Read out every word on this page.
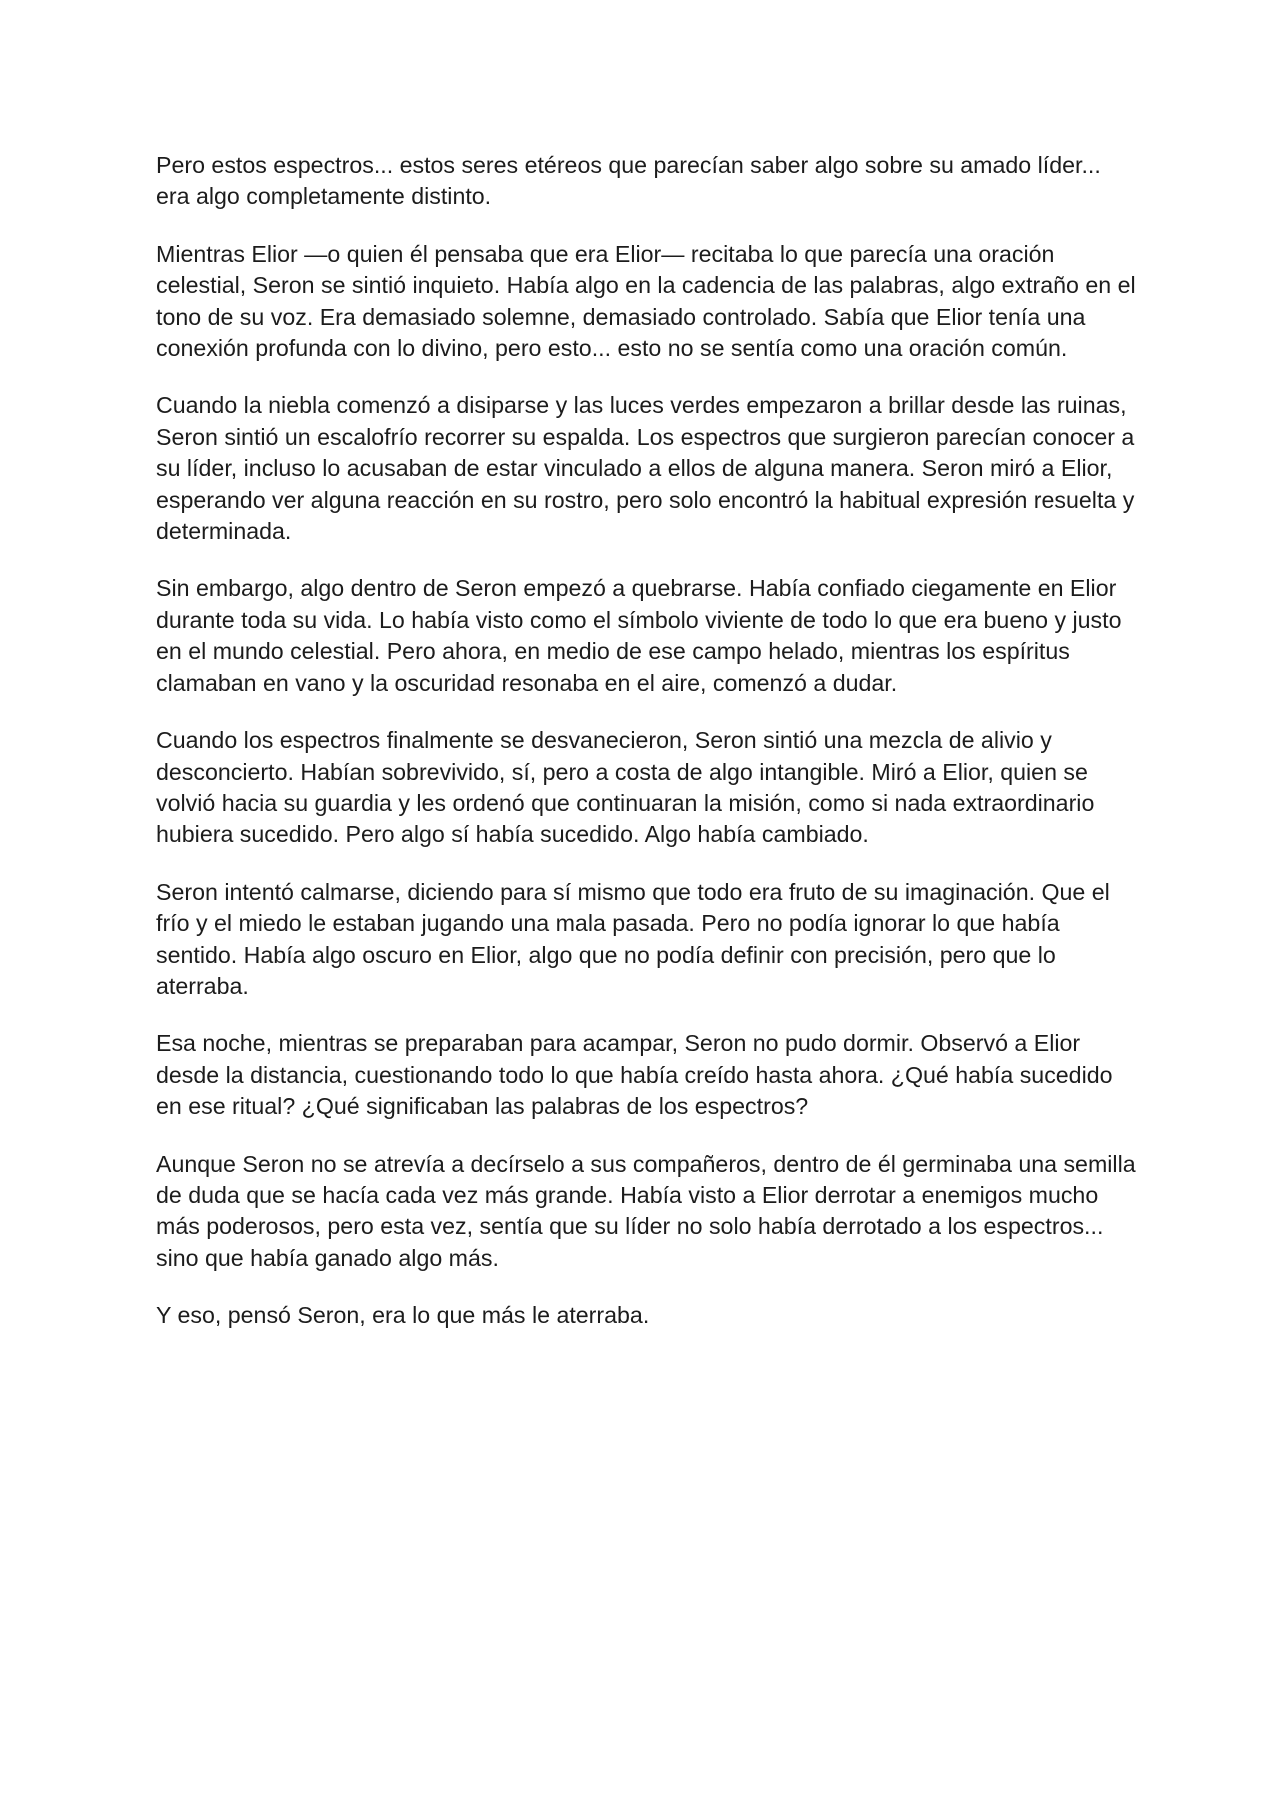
Pero estos espectros... estos seres etéreos que parecían saber algo sobre su amado líder... era algo completamente distinto.

Mientras Elior —o quien él pensaba que era Elior— recitaba lo que parecía una oración celestial, Seron se sintió inquieto. Había algo en la cadencia de las palabras, algo extraño en el tono de su voz. Era demasiado solemne, demasiado controlado. Sabía que Elior tenía una conexión profunda con lo divino, pero esto... esto no se sentía como una oración común.

Cuando la niebla comenzó a disiparse y las luces verdes empezaron a brillar desde las ruinas, Seron sintió un escalofrío recorrer su espalda. Los espectros que surgieron parecían conocer a su líder, incluso lo acusaban de estar vinculado a ellos de alguna manera. Seron miró a Elior, esperando ver alguna reacción en su rostro, pero solo encontró la habitual expresión resuelta y determinada.

Sin embargo, algo dentro de Seron empezó a quebrarse. Había confiado ciegamente en Elior durante toda su vida. Lo había visto como el símbolo viviente de todo lo que era bueno y justo en el mundo celestial. Pero ahora, en medio de ese campo helado, mientras los espíritus clamaban en vano y la oscuridad resonaba en el aire, comenzó a dudar.

Cuando los espectros finalmente se desvanecieron, Seron sintió una mezcla de alivio y desconcierto. Habían sobrevivido, sí, pero a costa de algo intangible. Miró a Elior, quien se volvió hacia su guardia y les ordenó que continuaran la misión, como si nada extraordinario hubiera sucedido. Pero algo sí había sucedido. Algo había cambiado.

Seron intentó calmarse, diciendo para sí mismo que todo era fruto de su imaginación. Que el frío y el miedo le estaban jugando una mala pasada. Pero no podía ignorar lo que había sentido. Había algo oscuro en Elior, algo que no podía definir con precisión, pero que lo aterraba.

Esa noche, mientras se preparaban para acampar, Seron no pudo dormir. Observó a Elior desde la distancia, cuestionando todo lo que había creído hasta ahora. ¿Qué había sucedido en ese ritual? ¿Qué significaban las palabras de los espectros?

Aunque Seron no se atrevía a decírselo a sus compañeros, dentro de él germinaba una semilla de duda que se hacía cada vez más grande. Había visto a Elior derrotar a enemigos mucho más poderosos, pero esta vez, sentía que su líder no solo había derrotado a los espectros... sino que había ganado algo más.

Y eso, pensó Seron, era lo que más le aterraba.
